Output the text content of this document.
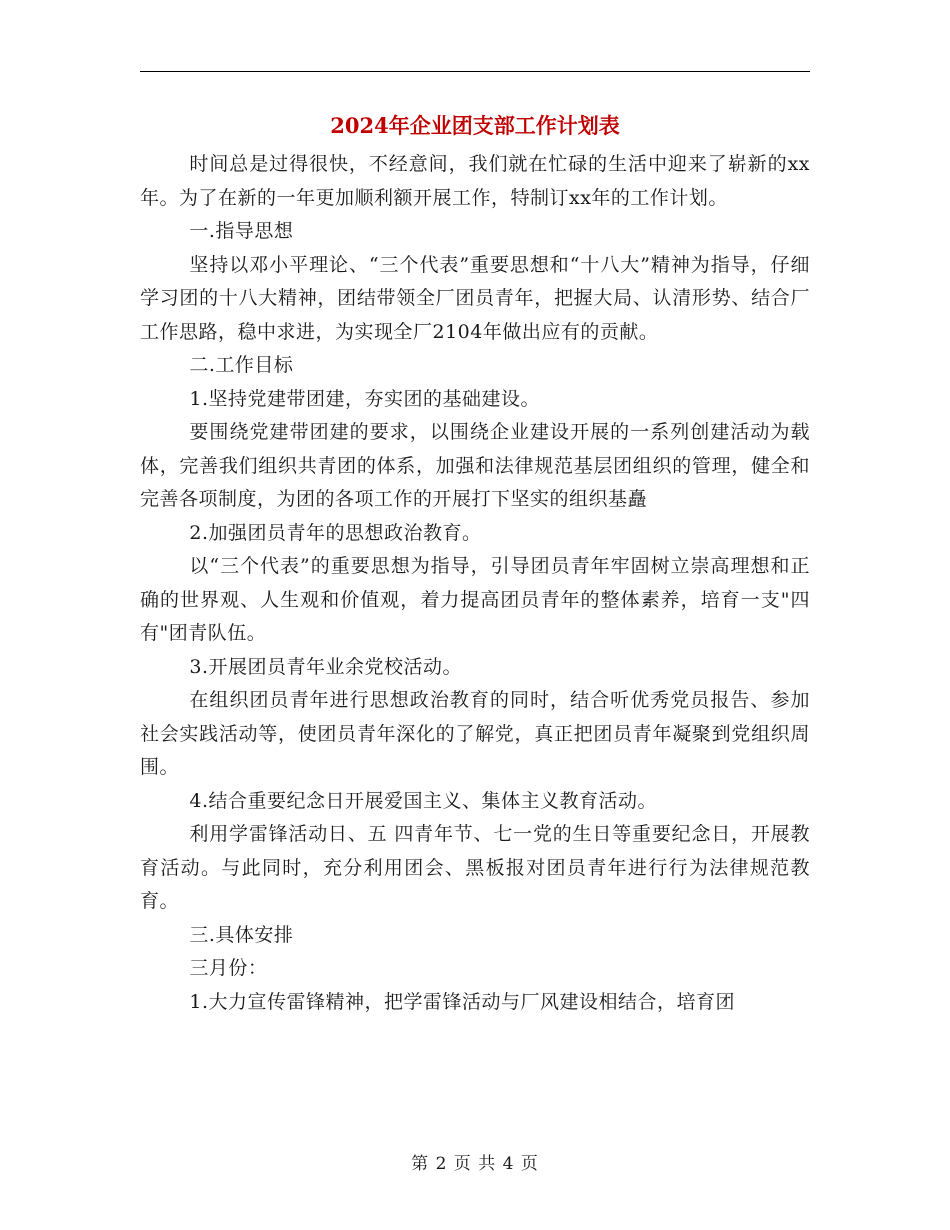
2024年企业团支部工作计划表

时间总是过得很快，不经意间，我们就在忙碌的生活中迎来了崭新的xx年。为了在新的一年更加顺利额开展工作，特制订xx年的工作计划。

一.指导思想

坚持以邓小平理论、“三个代表”重要思想和“十八大”精神为指导，仔细学习团的十八大精神，团结带领全厂团员青年，把握大局、认清形势、结合厂工作思路，稳中求进，为实现全厂2104年做出应有的贡献。

二.工作目标

1.坚持党建带团建，夯实团的基础建设。

要围绕党建带团建的要求，以围绕企业建设开展的一系列创建活动为载体，完善我们组织共青团的体系，加强和法律规范基层团组织的管理，健全和完善各项制度，为团的各项工作的开展打下坚实的组织基矗

2.加强团员青年的思想政治教育。

以“三个代表”的重要思想为指导，引导团员青年牢固树立崇高理想和正确的世界观、人生观和价值观，着力提高团员青年的整体素养，培育一支"四有"团青队伍。

3.开展团员青年业余党校活动。

在组织团员青年进行思想政治教育的同时，结合听优秀党员报告、参加社会实践活动等，使团员青年深化的了解党，真正把团员青年凝聚到党组织周围。

4.结合重要纪念日开展爱国主义、集体主义教育活动。

利用学雷锋活动日、五 四青年节、七一党的生日等重要纪念日，开展教育活动。与此同时，充分利用团会、黑板报对团员青年进行行为法律规范教育。

三.具体安排

三月份：

1.大力宣传雷锋精神，把学雷锋活动与厂风建设相结合，培育团

第 2 页 共 4 页
